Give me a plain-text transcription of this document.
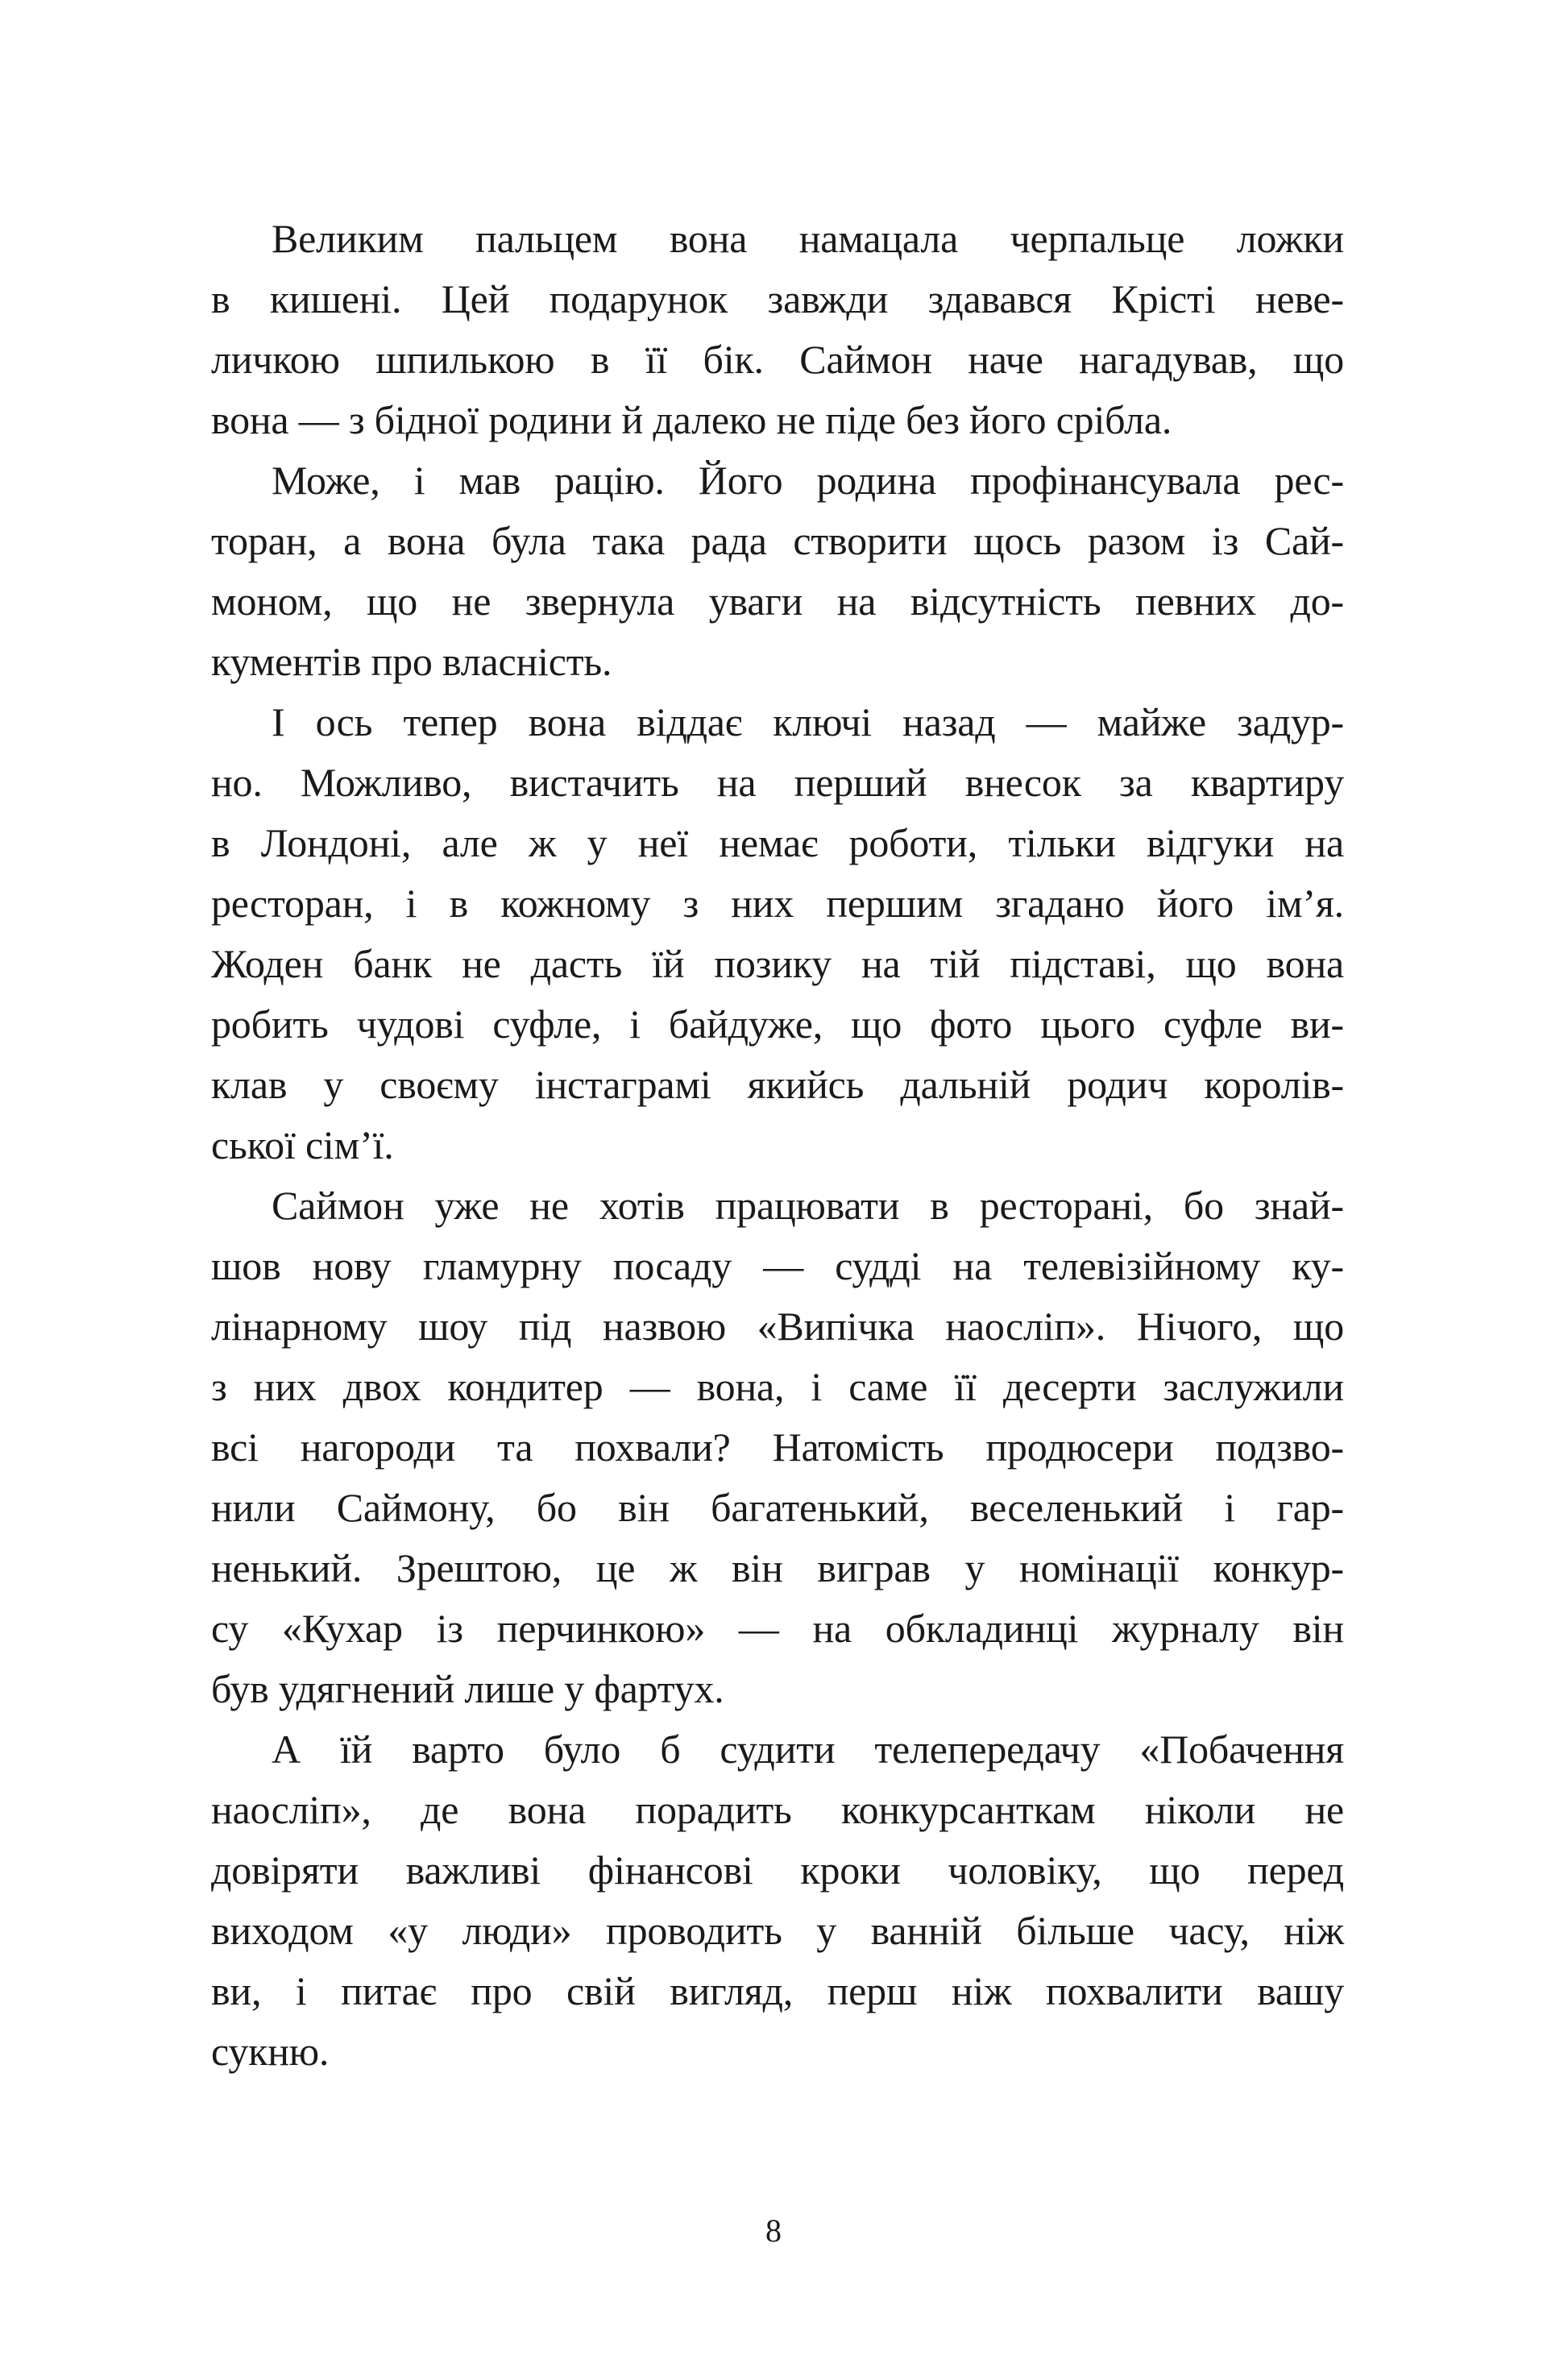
Великим пальцем вона намацала черпальце ложки
в кишені. Цей подарунок завжди здавався Крісті неве-
личкою шпилькою в її бік. Саймон наче нагадував, що
вона — з бідної родини й далеко не піде без його срібла.
Може, і мав рацію. Його родина профінансувала рес-
торан, а вона була така рада створити щось разом із Сай-
моном, що не звернула уваги на відсутність певних до-
кументів про власність.
І ось тепер вона віддає ключі назад — майже задур-
но. Можливо, вистачить на перший внесок за квартиру
в Лондоні, але ж у неї немає роботи, тільки відгуки на
ресторан, і в кожному з них першим згадано його ім’я.
Жоден банк не дасть їй позику на тій підставі, що вона
робить чудові суфле, і байдуже, що фото цього суфле ви-
клав у своєму інстаграмі якийсь дальній родич королів-
ської сім’ї.
Саймон уже не хотів працювати в ресторані, бо знай-
шов нову гламурну посаду — судді на телевізійному ку-
лінарному шоу під назвою «Випічка наосліп». Нічого, що
з них двох кондитер — вона, і саме її десерти заслужили
всі нагороди та похвали? Натомість продюсери подзво-
нили Саймону, бо він багатенький, веселенький і гар-
ненький. Зрештою, це ж він виграв у номінації конкур-
су «Кухар із перчинкою» — на обкладинці журналу він
був удягнений лише у фартух.
А їй варто було б судити телепередачу «Побачення
наосліп», де вона порадить конкурсанткам ніколи не
довіряти важливі фінансові кроки чоловіку, що перед
виходом «у люди» проводить у ванній більше часу, ніж
ви, і питає про свій вигляд, перш ніж похвалити вашу
сукню.
8
